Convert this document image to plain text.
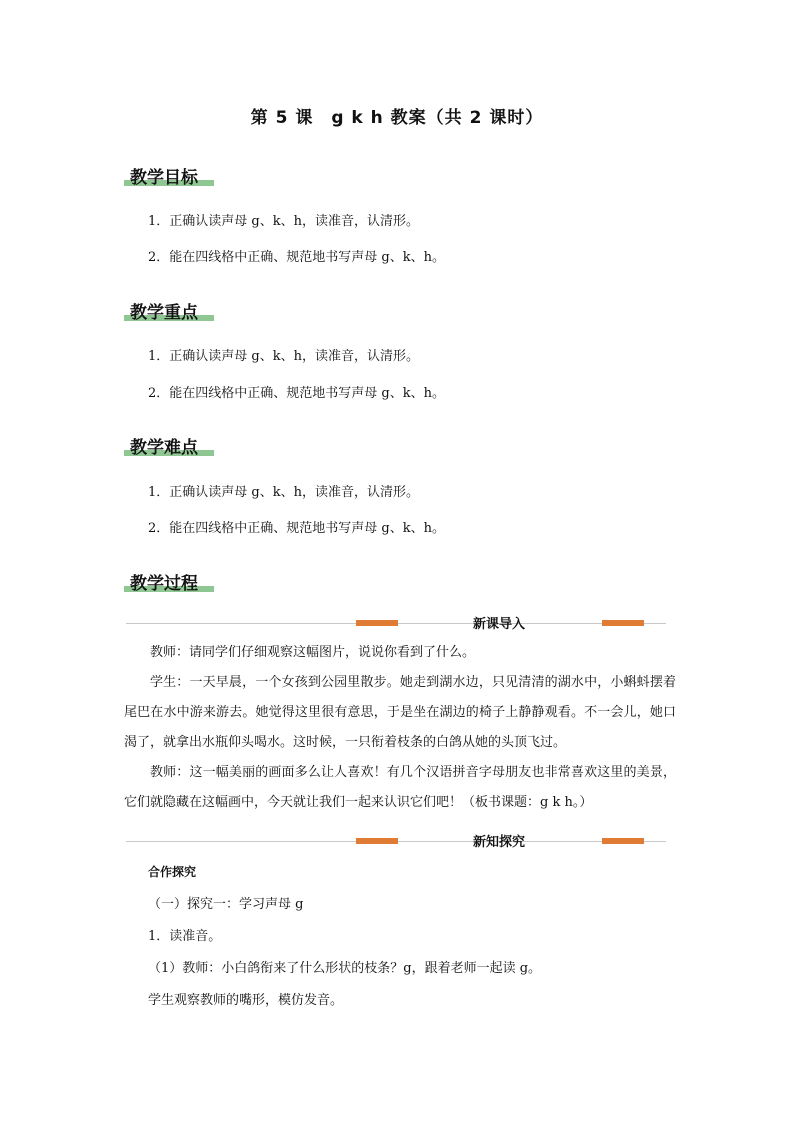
第 5 课　g k h 教案（共 2 课时）
教学目标
1．正确认读声母 g、k、h，读准音，认清形。
2．能在四线格中正确、规范地书写声母 g、k、h。
教学重点
1．正确认读声母 g、k、h，读准音，认清形。
2．能在四线格中正确、规范地书写声母 g、k、h。
教学难点
1．正确认读声母 g、k、h，读准音，认清形。
2．能在四线格中正确、规范地书写声母 g、k、h。
教学过程
新课导入
教师：请同学们仔细观察这幅图片，说说你看到了什么。
学生：一天早晨，一个女孩到公园里散步。她走到湖水边，只见清清的湖水中，小蝌蚪摆着尾巴在水中游来游去。她觉得这里很有意思，于是坐在湖边的椅子上静静观看。不一会儿，她口渴了，就拿出水瓶仰头喝水。这时候，一只衔着枝条的白鸽从她的头顶飞过。
教师：这一幅美丽的画面多么让人喜欢！有几个汉语拼音字母朋友也非常喜欢这里的美景，它们就隐藏在这幅画中，今天就让我们一起来认识它们吧！（板书课题：g k h。）
新知探究
合作探究
（一）探究一：学习声母 g
1．读准音。
（1）教师：小白鸽衔来了什么形状的枝条？g，跟着老师一起读 g。
学生观察教师的嘴形，模仿发音。
